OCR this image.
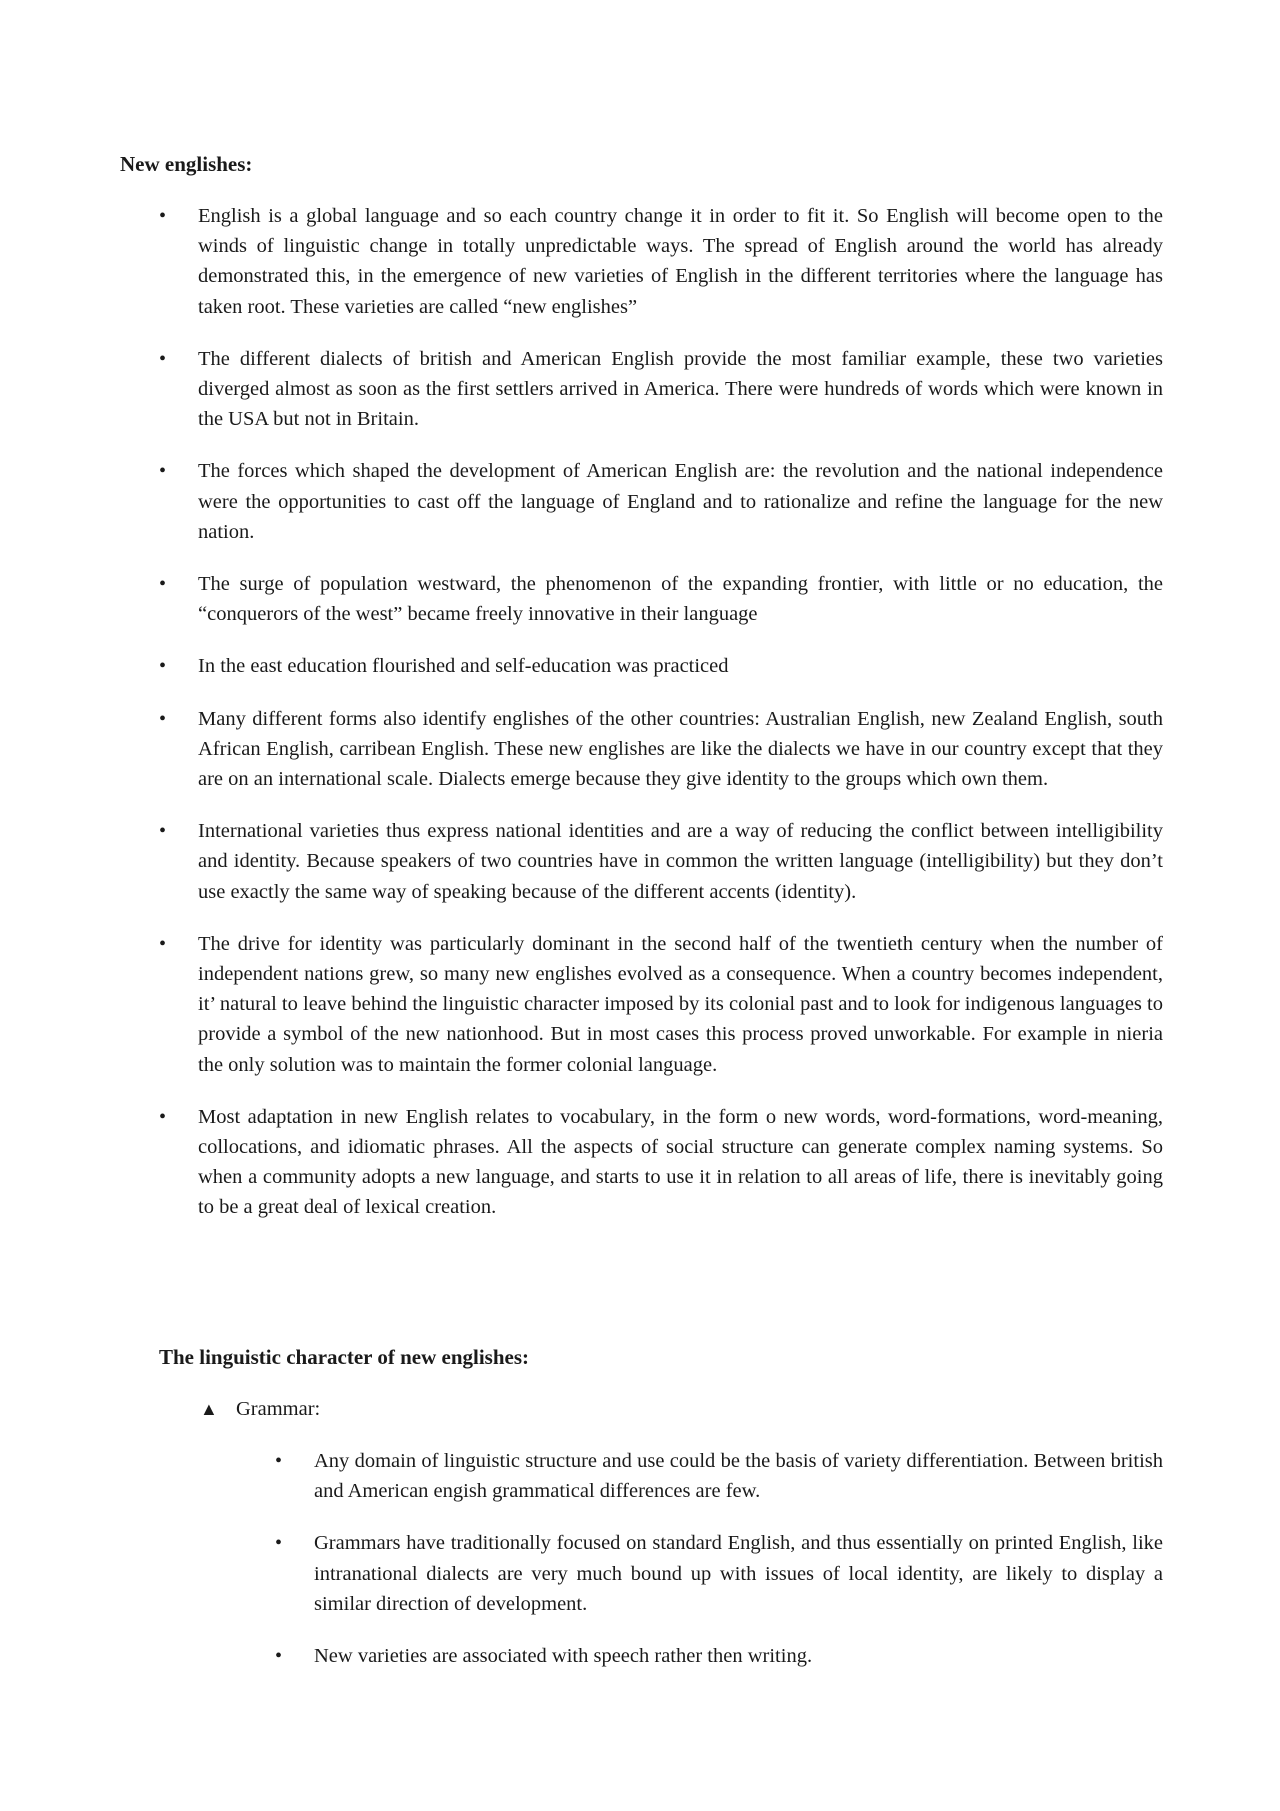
New englishes:
•	English is a global language and so each country change it in order to fit it. So English will become open to the winds of linguistic change in totally unpredictable ways. The spread of English around the world has already demonstrated this, in the emergence of new varieties of English in the different territories where the language has taken root. These varieties are called “new englishes”
•	The different dialects of british and American English provide the most familiar example, these two varieties diverged almost as soon as the first settlers arrived in America. There were hundreds of words which were known in the USA but not in Britain.
•	The forces which shaped the development of American English are: the revolution and the national independence were the opportunities to cast off the language of England and to rationalize and refine the language for the new nation.
•	The surge of population westward, the phenomenon of the expanding frontier, with little or no education, the “conquerors of the west” became freely innovative in their language
•	In the east education flourished and self-education was practiced
•	Many different forms also identify englishes of the other countries: Australian English, new Zealand English, south African English, carribean English. These new englishes are like the dialects we have in our country except that they are on an international scale. Dialects emerge because they give identity to the groups which own them.
•	International varieties thus express national identities and are a way of reducing the conflict between intelligibility and identity. Because speakers of two countries have in common the written language (intelligibility) but they don’t use exactly the same way of speaking because of the different accents (identity).
•	The drive for identity was particularly dominant in the second half of the twentieth century when the number of independent nations grew, so many new englishes evolved as a consequence. When a country becomes independent, it’ natural to leave behind the linguistic character imposed by its colonial past and to look for indigenous languages to provide a symbol of the new nationhood. But in most cases this process proved unworkable. For example in nieria the only solution was to maintain the former colonial language.
•	Most adaptation in new English relates to vocabulary, in the form o new words, word-formations, word-meaning, collocations, and idiomatic phrases. All the aspects of social structure can generate complex naming systems. So when a community adopts a new language, and starts to use it in relation to all areas of life, there is inevitably going to be a great deal of lexical creation.
The linguistic character of new englishes:

▲ Grammar:

•	Any domain of linguistic structure and use could be the basis of variety differentiation. Between british and American engish grammatical differences are few.
•	Grammars have traditionally focused on standard English, and thus essentially on printed English, like intranational dialects are very much bound up with issues of local identity, are likely to display a similar direction of development.
•	New varieties are associated with speech rather then writing.
